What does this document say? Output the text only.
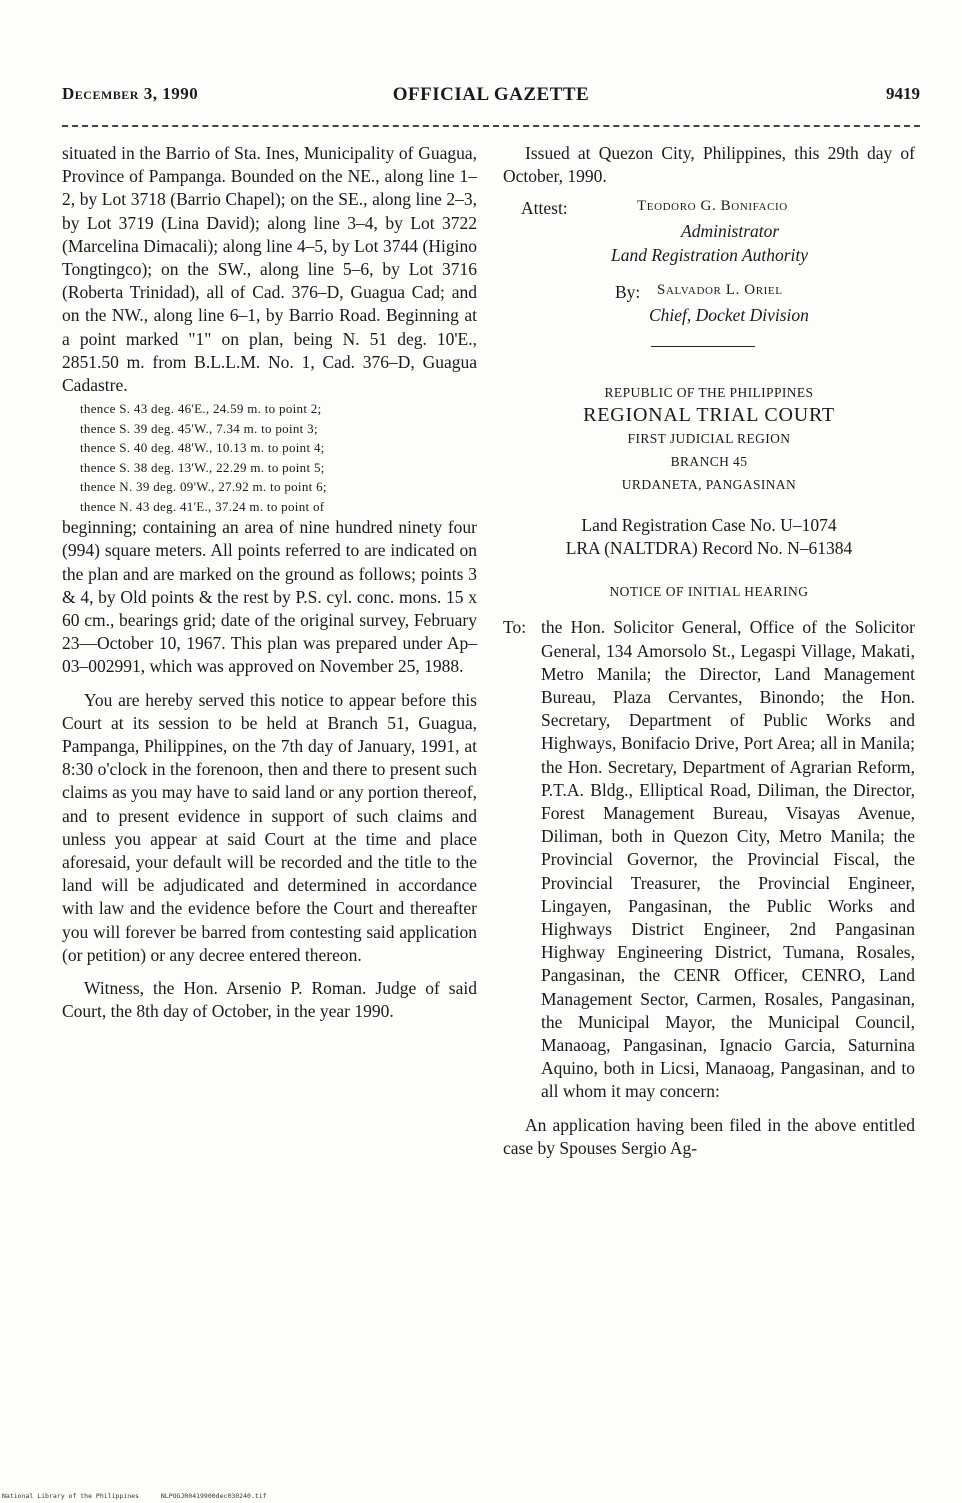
December 3, 1990	OFFICIAL GAZETTE	9419

situated in the Barrio of Sta. Ines, Municipality of Guagua, Province of Pampanga. Bounded on the NE., along line 1–2, by Lot 3718 (Barrio Chapel); on the SE., along line 2–3, by Lot 3719 (Lina David); along line 3–4, by Lot 3722 (Marcelina Dimacali); along line 4–5, by Lot 3744 (Higino Tongtingco); on the SW., along line 5–6, by Lot 3716 (Roberta Trinidad), all of Cad. 376–D, Guagua Cad; and on the NW., along line 6–1, by Barrio Road. Beginning at a point marked "1" on plan, being N. 51 deg. 10'E., 2851.50 m. from B.L.L.M. No. 1, Cad. 376–D, Guagua Cadastre.

thence S. 43 deg. 46'E., 24.59 m. to point 2;
thence S. 39 deg. 45'W., 7.34 m. to point 3;
thence S. 40 deg. 48'W., 10.13 m. to point 4;
thence S. 38 deg. 13'W., 22.29 m. to point 5;
thence N. 39 deg. 09'W., 27.92 m. to point 6;
thence N. 43 deg. 41'E., 37.24 m. to point of

beginning; containing an area of nine hundred ninety four (994) square meters. All points referred to are indicated on the plan and are marked on the ground as follows; points 3 & 4, by Old points & the rest by P.S. cyl. conc. mons. 15 x 60 cm., bearings grid; date of the original survey, February 23—October 10, 1967. This plan was prepared under Ap–03–002991, which was approved on November 25, 1988.

You are hereby served this notice to appear before this Court at its session to be held at Branch 51, Guagua, Pampanga, Philippines, on the 7th day of January, 1991, at 8:30 o'clock in the forenoon, then and there to present such claims as you may have to said land or any portion thereof, and to present evidence in support of such claims and unless you appear at said Court at the time and place aforesaid, your default will be recorded and the title to the land will be adjudicated and determined in accordance with law and the evidence before the Court and thereafter you will forever be barred from contesting said application (or petition) or any decree entered thereon.

Witness, the Hon. Arsenio P. Roman. Judge of said Court, the 8th day of October, in the year 1990.

Issued at Quezon City, Philippines, this 29th day of October, 1990.

Attest:	Teodoro G. Bonifacio
Administrator
Land Registration Authority
By: Salvador L. Oriel
Chief, Docket Division
REPUBLIC OF THE PHILIPPINES
REGIONAL TRIAL COURT
FIRST JUDICIAL REGION
BRANCH 45
URDANETA, PANGASINAN
Land Registration Case No. U–1074
LRA (NALTDRA) Record No. N–61384
NOTICE OF INITIAL HEARING
To: the Hon. Solicitor General, Office of the Solicitor General, 134 Amorsolo St., Legaspi Village, Makati, Metro Manila; the Director, Land Management Bureau, Plaza Cervantes, Binondo; the Hon. Secretary, Department of Public Works and Highways, Bonifacio Drive, Port Area; all in Manila; the Hon. Secretary, Department of Agrarian Reform, P.T.A. Bldg., Elliptical Road, Diliman, the Director, Forest Management Bureau, Visayas Avenue, Diliman, both in Quezon City, Metro Manila; the Provincial Governor, the Provincial Fiscal, the Provincial Treasurer, the Provincial Engineer, Lingayen, Pangasinan, the Public Works and Highways District Engineer, 2nd Pangasinan Highway Engineering District, Tumana, Rosales, Pangasinan, the CENR Officer, CENRO, Land Management Sector, Carmen, Rosales, Pangasinan, the Municipal Mayor, the Municipal Council, Manaoag, Pangasinan, Ignacio Garcia, Saturnina Aquino, both in Licsi, Manaoag, Pangasinan, and to all whom it may concern:

An application having been filed in the above entitled case by Spouses Sergio Ag-

National Library of the Philippines	NLPOGJR0419900dec030240.tif
